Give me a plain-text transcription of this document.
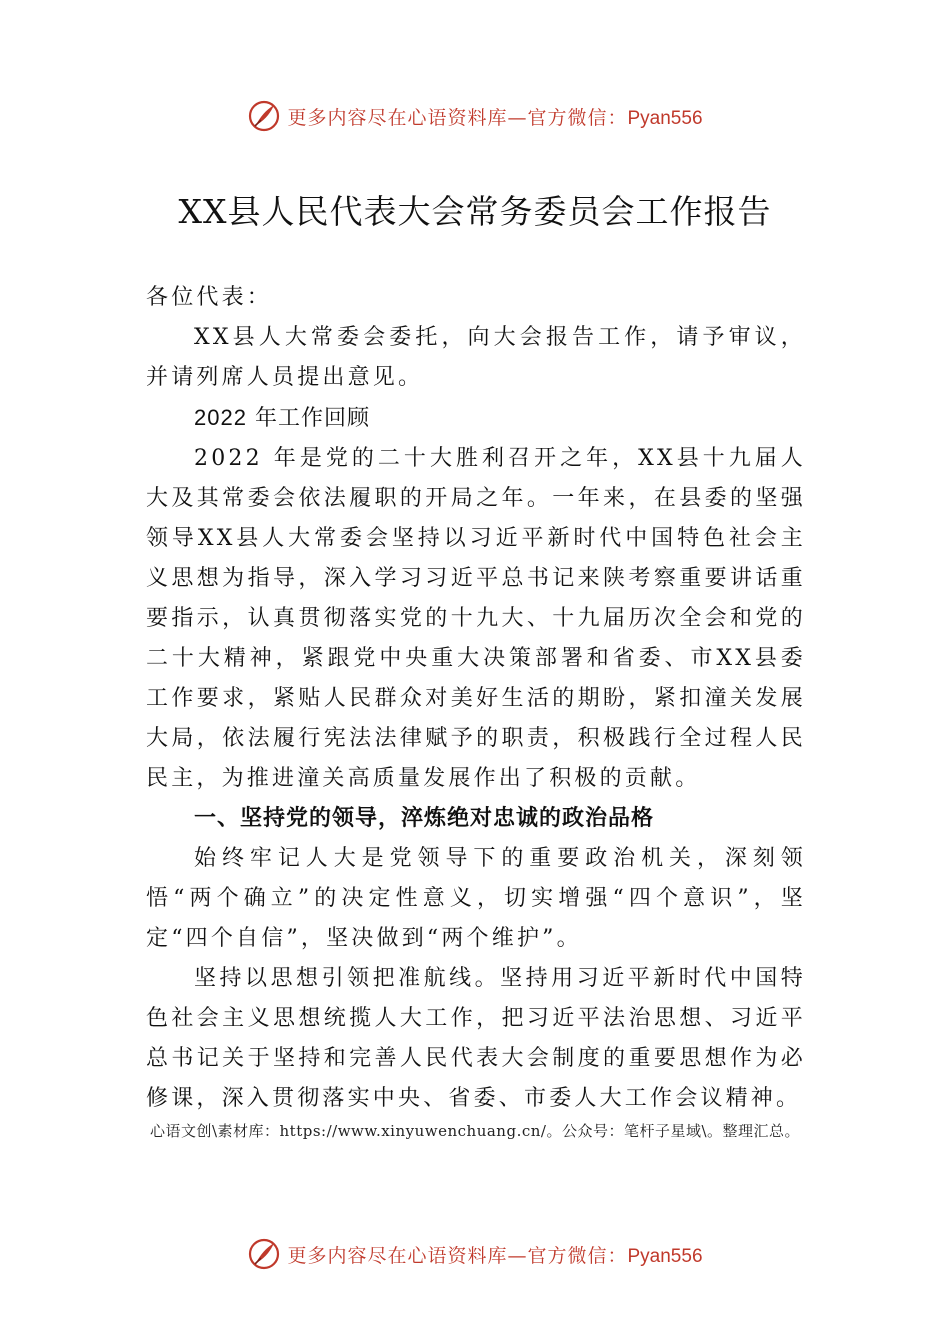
更多内容尽在心语资料库—官方微信：Pyan556
XX县人民代表大会常务委员会工作报告

各位代表：

XX县人大常委会委托，向大会报告工作，请予审议， 并请列席人员提出意见。

2022 年工作回顾

2022 年是党的二十大胜利召开之年，XX县十九届人大及其常委会依法履职的开局之年。一年来，在县委的坚强领导XX县人大常委会坚持以习近平新时代中国特色社会主义思想为指导，深入学习习近平总书记来陕考察重要讲话重要指示，认真贯彻落实党的十九大、十九届历次全会和党的二十大精神，紧跟党中央重大决策部署和省委、市XX县委工作要求，紧贴人民群众对美好生活的期盼，紧扣潼关发展大局，依法履行宪法法律赋予的职责，积极践行全过程人民民主，为推进潼关高质量发展作出了积极的贡献。

一、坚持党的领导，淬炼绝对忠诚的政治品格

始终牢记人大是党领导下的重要政治机关，深刻领悟“两个确立”的决定性意义，切实增强“四个意识”，坚定“四个自信”，坚决做到“两个维护”。

坚持以思想引领把准航线。坚持用习近平新时代中国特色社会主义思想统揽人大工作，把习近平法治思想、习近平总书记关于坚持和完善人民代表大会制度的重要思想作为必修课，深入贯彻落实中央、省委、市委人大工作会议精神。

心语文创\素材库：https://www.xinyuwenchuang.cn/。公众号：笔杆子星域\。整理汇总。
更多内容尽在心语资料库—官方微信：Pyan556
